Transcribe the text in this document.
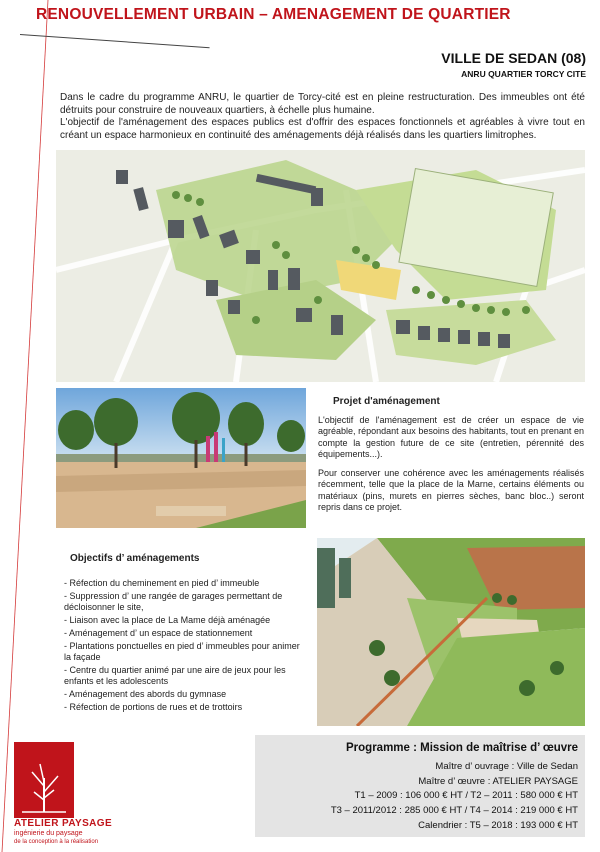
RENOUVELLEMENT URBAIN – AMENAGEMENT DE QUARTIER
VILLE DE SEDAN (08)
ANRU QUARTIER TORCY CITE

Dans le cadre du programme ANRU, le quartier de Torcy-cité est en pleine restructuration. Des immeubles ont été détruits pour construire de nouveaux quartiers, à échelle plus humaine.

L'objectif de l'aménagement des espaces publics est d'offrir des espaces fonctionnels et agréables à vivre tout en créant un espace harmonieux en continuité des aménagements déjà réalisés dans les quartiers limitrophes.

Projet d'aménagement

L'objectif de l'aménagement est de créer un espace de vie agréable, répondant aux besoins des habitants, tout en prenant en compte la gestion future de ce site (entretien, pérennité des équipements...).

Pour conserver une cohérence avec les aménagements réalisés récemment, telle que la place de la Marne, certains éléments ou matériaux (pins, murets en pierres sèches, banc bloc..) seront repris dans ce projet.

Objectifs d’ aménagements
- Réfection du cheminement en pied d’ immeuble
- Suppression d’ une rangée de garages permettant de décloisonner le site,
- Liaison avec la place de La Mame déjà aménagée
- Aménagement d’ un espace de stationnement
- Plantations ponctuelles en pied d’ immeubles pour animer la façade
- Centre du quartier animé par une aire de jeux pour les enfants et les adolescents
- Aménagement des abords du gymnase
- Réfection de portions de rues et de trottoirs
Programme : Mission de maîtrise d’ œuvre
Maître d’ ouvrage : Ville de Sedan
Maître d’ œuvre : ATELIER PAYSAGE
T1 – 2009 : 106 000 € HT / T2 – 2011 : 580 000 € HT
T3 – 2011/2012 : 285 000 € HT / T4 – 2014 : 219 000 € HT
Calendrier : T5 – 2018 : 193 000 € HT
ATELIER PAYSAGE
ingénierie du paysage
de la conception à la réalisation
